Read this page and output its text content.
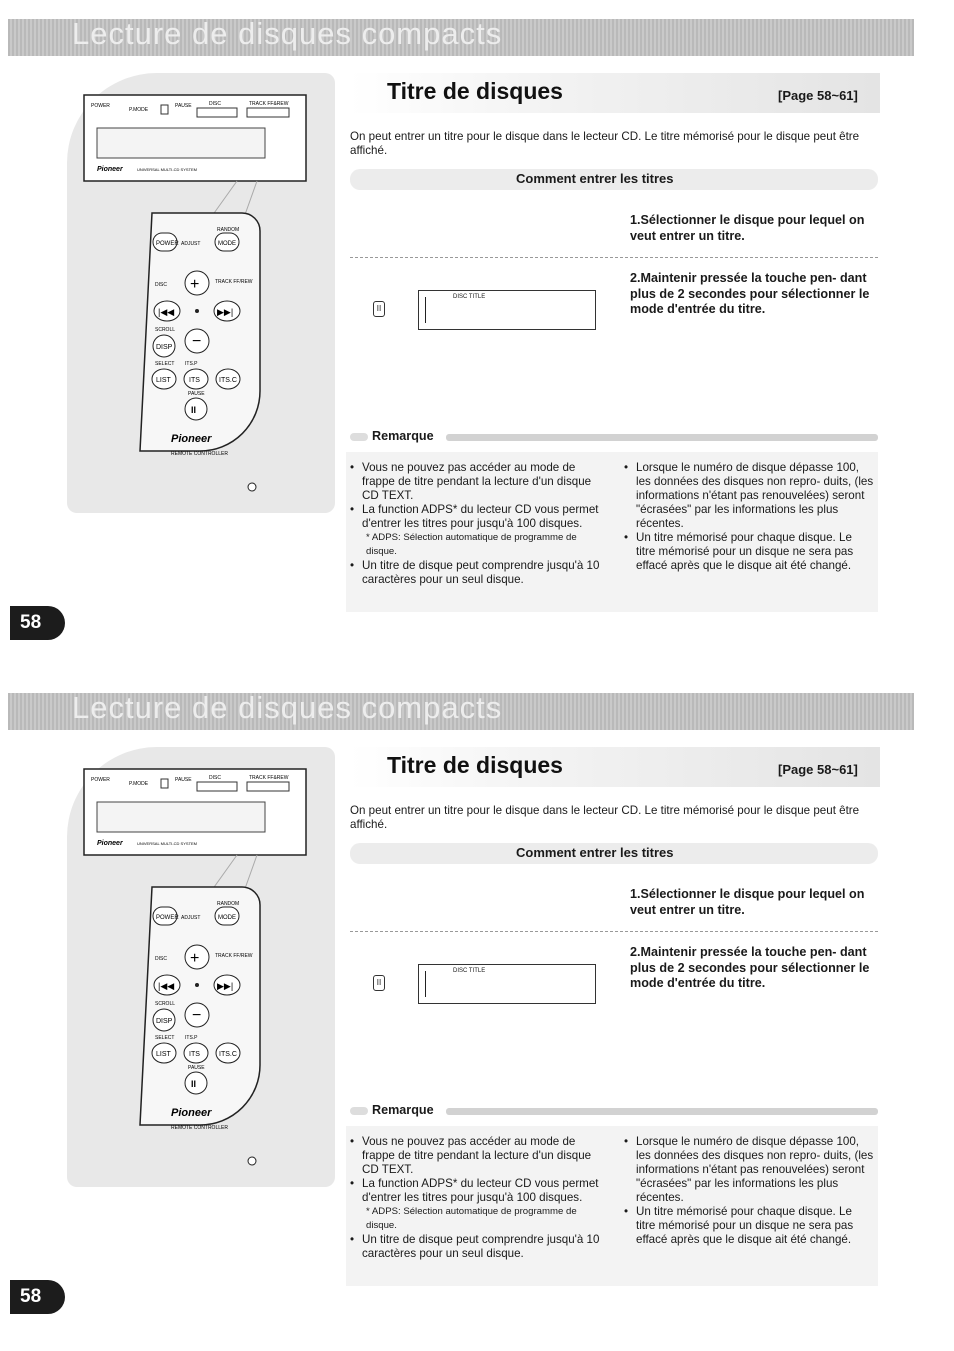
Lecture de disques compacts
POWER
P.MODE
PAUSE	DISC	TRACK FF&REW
Pioneer	UNIVERSAL MULTI-CD SYSTEM
RANDOM
POWER ADJUST	MODE
DISC +	TRACK FF/REW
|◀◀	▶▶|
SCROLL
DISP −
SELECT ITS.P
LIST	ITS	ITS.C
PAUSE
II
Pioneer
REMOTE CONTROLLER
Titre de disques	[Page 58~61]
On peut entrer un titre pour le disque dans le lecteur CD. Le titre mémorisé pour le disque peut être affiché.
Comment entrer les titres
1.Sélectionner le disque pour lequel on veut entrer un titre.
2.Maintenir pressée la touche pen- dant plus de 2 secondes pour sélectionner le mode d'entrée du titre.
II
DISC TITLE
Remarque
• Vous ne pouvez pas accéder au mode de frappe de titre pendant la lecture d'un disque CD TEXT.
• La function ADPS* du lecteur CD vous permet d'entrer les titres pour jusqu'à 100 disques.
* ADPS: Sélection automatique de programme de disque.
• Un titre de disque peut comprendre jusqu'à 10 caractères pour un seul disque.
• Lorsque le numéro de disque dépasse 100, les données des disques non repro- duits, (les informations n'étant pas renouvelées) seront "écrasées" par les informations les plus récentes.
• Un titre mémorisé pour chaque disque. Le titre mémorisé pour un disque ne sera pas effacé après que le disque ait été changé.
58
Lecture de disques compacts
POWER
P.MODE
PAUSE	DISC	TRACK FF&REW
Pioneer	UNIVERSAL MULTI-CD SYSTEM
RANDOM
POWER ADJUST	MODE
DISC +	TRACK FF/REW
|◀◀	▶▶|
SCROLL
DISP −
SELECT ITS.P
LIST	ITS	ITS.C
PAUSE
II
Pioneer
REMOTE CONTROLLER
Titre de disques	[Page 58~61]
On peut entrer un titre pour le disque dans le lecteur CD. Le titre mémorisé pour le disque peut être affiché.
Comment entrer les titres
1.Sélectionner le disque pour lequel on veut entrer un titre.
2.Maintenir pressée la touche pen- dant plus de 2 secondes pour sélectionner le mode d'entrée du titre.
II
DISC TITLE
Remarque
• Vous ne pouvez pas accéder au mode de frappe de titre pendant la lecture d'un disque CD TEXT.
• La function ADPS* du lecteur CD vous permet d'entrer les titres pour jusqu'à 100 disques.
* ADPS: Sélection automatique de programme de disque.
• Un titre de disque peut comprendre jusqu'à 10 caractères pour un seul disque.
• Lorsque le numéro de disque dépasse 100, les données des disques non repro- duits, (les informations n'étant pas renouvelées) seront "écrasées" par les informations les plus récentes.
• Un titre mémorisé pour chaque disque. Le titre mémorisé pour un disque ne sera pas effacé après que le disque ait été changé.
58
